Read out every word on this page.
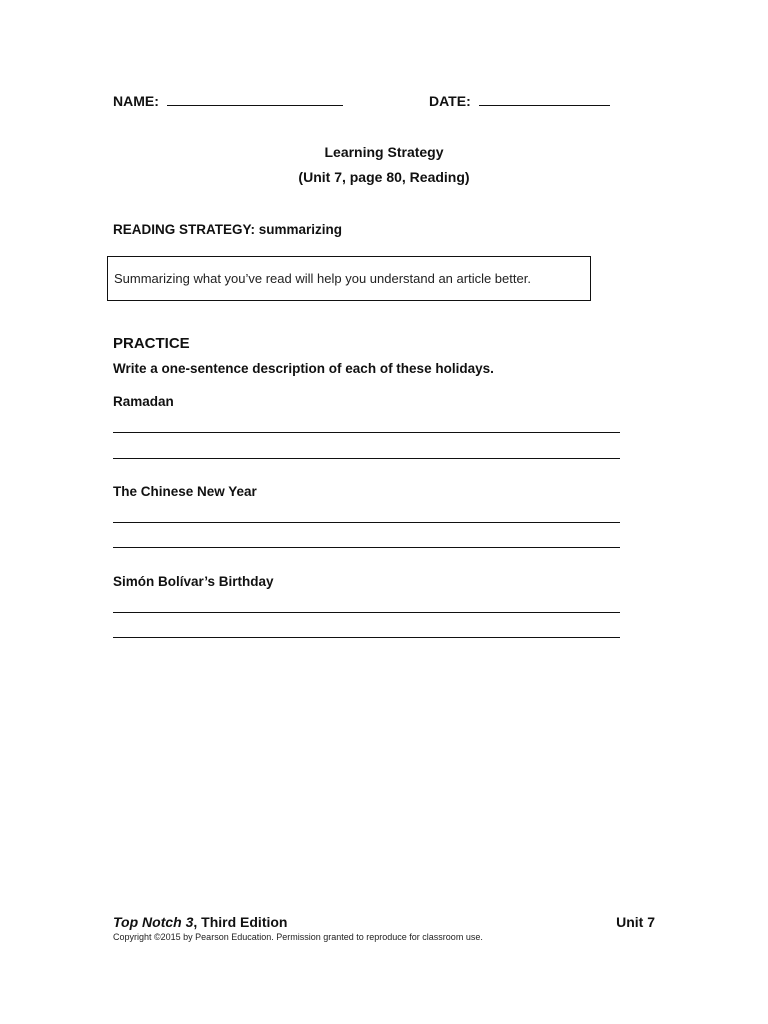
NAME:	DATE:
Learning Strategy
(Unit 7, page 80, Reading)
READING STRATEGY: summarizing
Summarizing what you’ve read will help you understand an article better.
PRACTICE
Write a one-sentence description of each of these holidays.
Ramadan
The Chinese New Year
Simón Bolívar’s Birthday
Top Notch 3, Third Edition	Unit 7
Copyright ©2015 by Pearson Education. Permission granted to reproduce for classroom use.
